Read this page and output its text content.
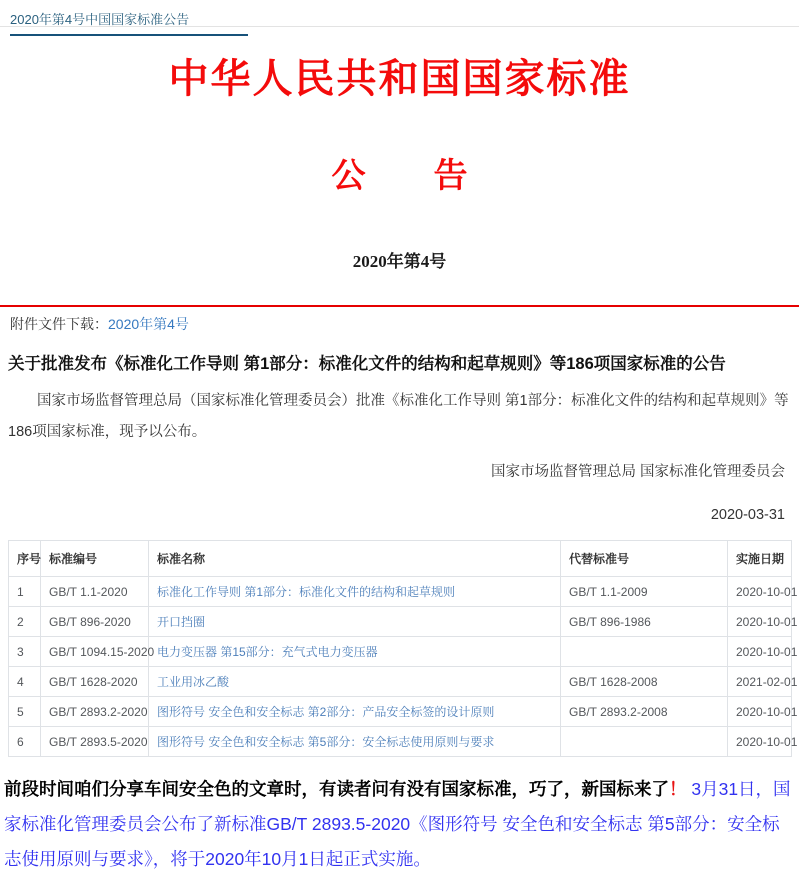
2020年第4号中国国家标准公告
中华人民共和国国家标准
公　　告
2020年第4号
附件文件下载：2020年第4号
关于批准发布《标准化工作导则 第1部分：标准化文件的结构和起草规则》等186项国家标准的公告
国家市场监督管理总局（国家标准化管理委员会）批准《标准化工作导则 第1部分：标准化文件的结构和起草规则》等186项国家标准，现予以公布。
国家市场监督管理总局 国家标准化管理委员会
2020-03-31
序号	标准编号	标准名称	代替标准号	实施日期
1	GB/T 1.1-2020	标准化工作导则 第1部分：标准化文件的结构和起草规则	GB/T 1.1-2009	2020-10-01
2	GB/T 896-2020	开口挡圈	GB/T 896-1986	2020-10-01
3	GB/T 1094.15-2020	电力变压器 第15部分：充气式电力变压器		2020-10-01
4	GB/T 1628-2020	工业用冰乙酸	GB/T 1628-2008	2021-02-01
5	GB/T 2893.2-2020	图形符号 安全色和安全标志 第2部分：产品安全标签的设计原则	GB/T 2893.2-2008	2020-10-01
6	GB/T 2893.5-2020	图形符号 安全色和安全标志 第5部分：安全标志使用原则与要求		2020-10-01
前段时间咱们分享车间安全色的文章时，有读者问有没有国家标准，巧了，新国标来了！ 3月31日，国家标准化管理委员会公布了新标准GB/T 2893.5-2020《图形符号 安全色和安全标志 第5部分：安全标志使用原则与要求》，将于2020年10月1日起正式实施。
